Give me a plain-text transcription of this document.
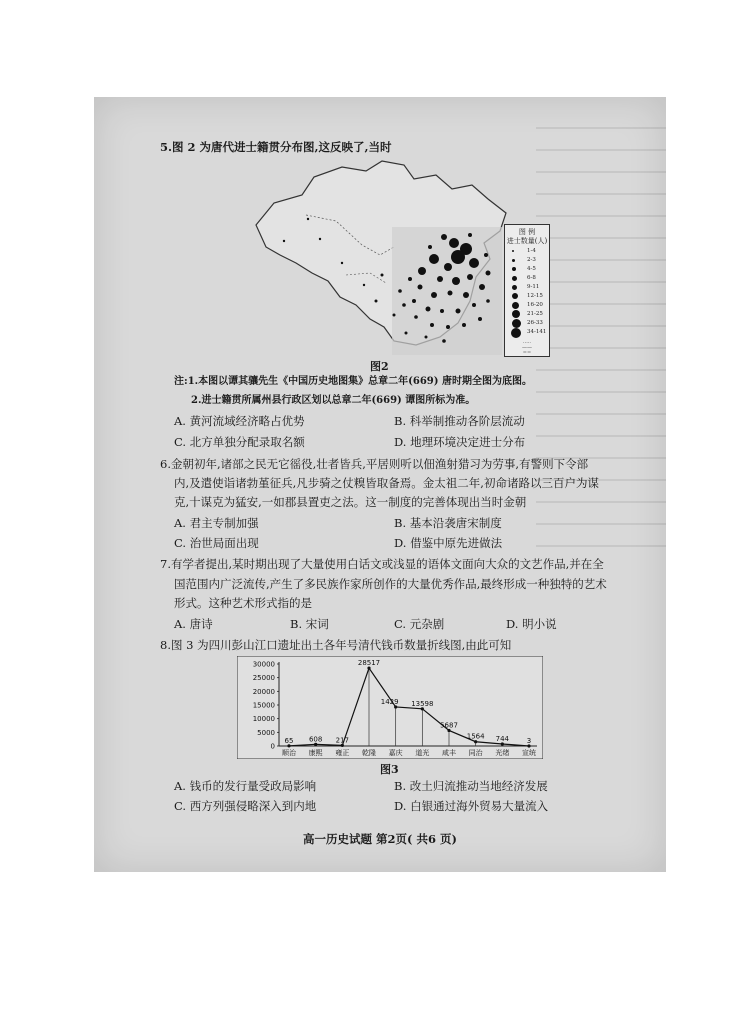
5.图 2 为唐代进士籍贯分布图,这反映了,当时
图 例
进士数量(人)
1-4
2-3
4-5
6-8
9-11
12-15
16-20
21-25
26-33
34-141
·····
——
==
图2
注:1.本图以谭其骧先生《中国历史地图集》总章二年(669) 唐时期全图为底图。
2.进士籍贯所属州县行政区划以总章二年(669) 谭图所标为准。
A. 黄河流域经济略占优势	B. 科举制推动各阶层流动
C. 北方单独分配录取名额	D. 地理环境决定进士分布
6.金朝初年,诸部之民无它徭役,壮者皆兵,平居则听以佃渔射猎习为劳事,有警则下令部
内,及遣使诣诸勃堇征兵,凡步骑之仗糗皆取备焉。金太祖二年,初命诸路以三百户为谋
克,十谋克为猛安,一如郡县置吏之法。这一制度的完善体现出当时金朝
A. 君主专制加强	B. 基本沿袭唐宋制度
C. 治世局面出现	D. 借鉴中原先进做法
7.有学者提出,某时期出现了大量使用白话文或浅显的语体文面向大众的文艺作品,并在全
国范围内广泛流传,产生了多民族作家所创作的大量优秀作品,最终形成一种独特的艺术
形式。这种艺术形式指的是
A. 唐诗	B. 宋词	C. 元杂剧	D. 明小说
8.图 3 为四川彭山江口遗址出土各年号清代钱币数量折线图,由此可知
0
5000
10000
15000
20000
25000
30000
65 608 217
28517
1429 13598
5687
1564 744	3
顺治 康熙 雍正 乾隆 嘉庆 道光 咸丰 同治 光绪 宣统
图3
A. 钱币的发行量受政局影响	B. 改土归流推动当地经济发展
C. 西方列强侵略深入到内地	D. 白银通过海外贸易大量流入
高一历史试题 第2页( 共6 页)
